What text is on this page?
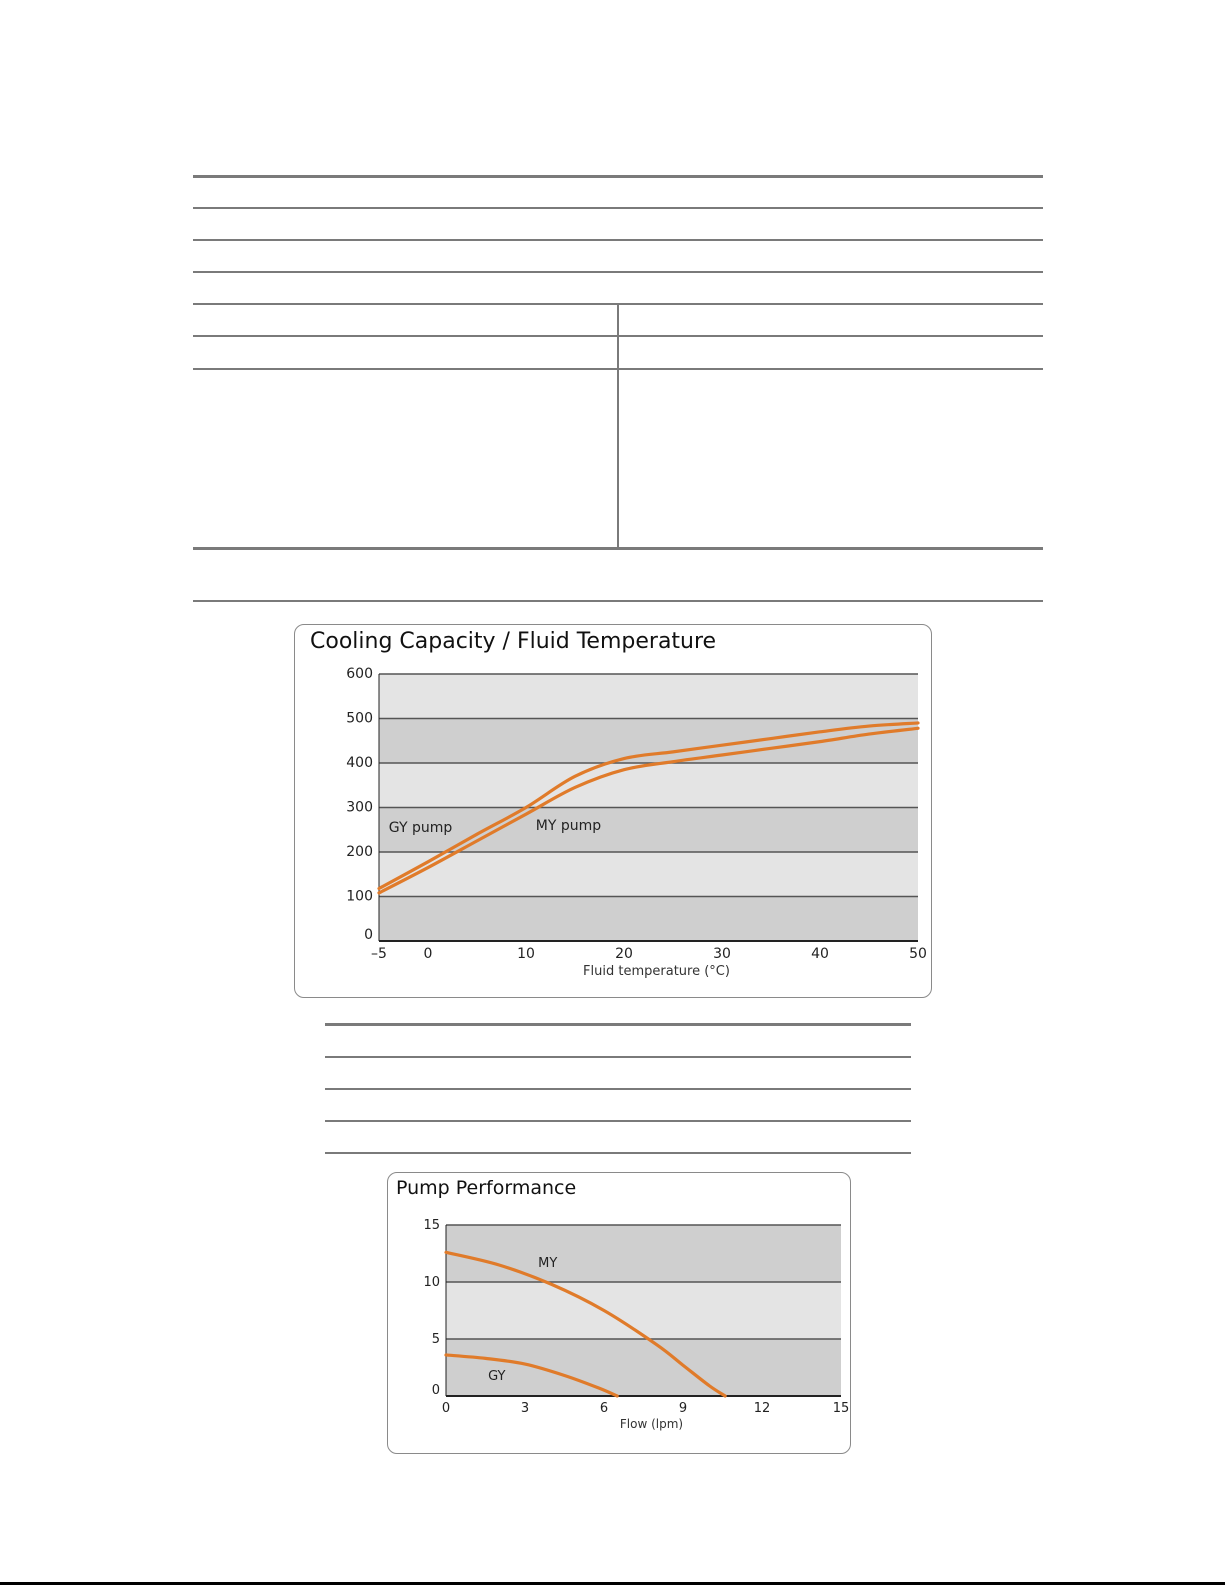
Cooling Capacity / Fluid Temperature
0
100
200
300
400
500
600
–5	0	10	20	30	40	50
Fluid temperature (°C)
GY pump	MY pump
Pump Performance
0
5
10
15
0	3	6	9	12	15
Flow (lpm)
MY
GY
